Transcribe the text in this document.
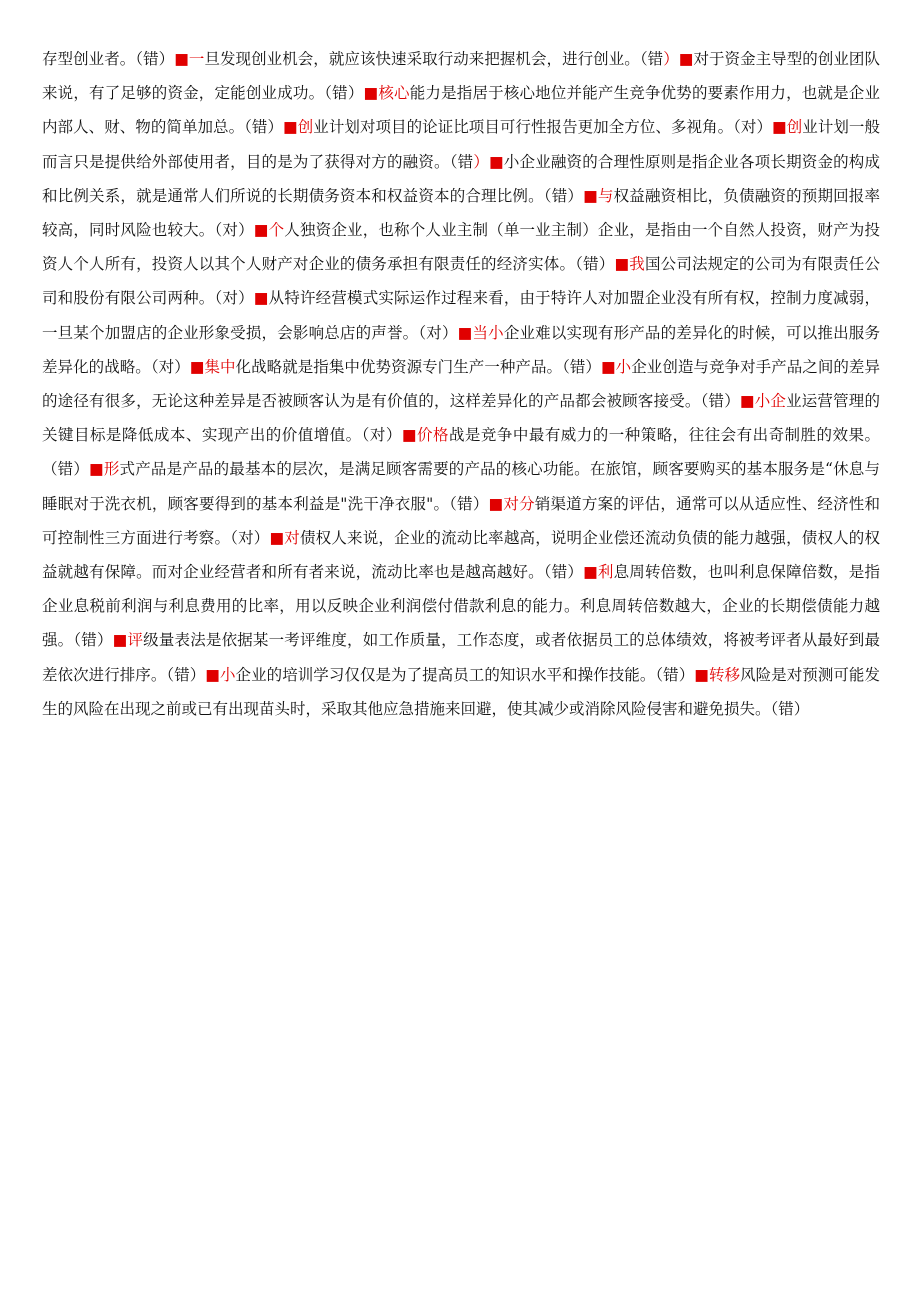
存型创业者。（错）■一旦发现创业机会，就应该快速采取行动来把握机会，进行创业。（错）■对于资金主导型的创业团队来说，有了足够的资金，定能创业成功。（错）■核心能力是指居于核心地位并能产生竞争优势的要素作用力，也就是企业内部人、财、物的简单加总。（错）■创业计划对项目的论证比项目可行性报告更加全方位、多视角。（对）■创业计划一般而言只是提供给外部使用者，目的是为了获得对方的融资。（错）■小企业融资的合理性原则是指企业各项长期资金的构成和比例关系，就是通常人们所说的长期债务资本和权益资本的合理比例。（错）■与权益融资相比，负债融资的预期回报率较高，同时风险也较大。（对）■个人独资企业，也称个人业主制（单一业主制）企业，是指由一个自然人投资，财产为投资人个人所有，投资人以其个人财产对企业的债务承担有限责任的经济实体。（错）■我国公司法规定的公司为有限责任公司和股份有限公司两种。（对）■从特许经营模式实际运作过程来看，由于特许人对加盟企业没有所有权，控制力度减弱，一旦某个加盟店的企业形象受损，会影响总店的声誉。（对）■当小企业难以实现有形产品的差异化的时候，可以推出服务差异化的战略。（对）■集中化战略就是指集中优势资源专门生产一种产品。（错）■小企业创造与竞争对手产品之间的差异的途径有很多，无论这种差异是否被顾客认为是有价值的，这样差异化的产品都会被顾客接受。（错）■小企业运营管理的关键目标是降低成本、实现产出的价值增值。（对）■价格战是竞争中最有威力的一种策略，往往会有出奇制胜的效果。（错）■形式产品是产品的最基本的层次，是满足顾客需要的产品的核心功能。在旅馆，顾客要购买的基本服务是“休息与睡眠对于洗衣机，顾客要得到的基本利益是"洗干净衣服"。（错）■对分销渠道方案的评估，通常可以从适应性、经济性和可控制性三方面进行考察。（对）■对债权人来说，企业的流动比率越高，说明企业偿还流动负债的能力越强，债权人的权益就越有保障。而对企业经营者和所有者来说，流动比率也是越高越好。（错）■利息周转倍数，也叫利息保障倍数，是指企业息税前利润与利息费用的比率，用以反映企业利润偿付借款利息的能力。利息周转倍数越大，企业的长期偿债能力越强。（错）■评级量表法是依据某一考评维度，如工作质量，工作态度，或者依据员工的总体绩效，将被考评者从最好到最差依次进行排序。（错）■小企业的培训学习仅仅是为了提高员工的知识水平和操作技能。（错）■转移风险是对预测可能发生的风险在出现之前或已有出现苗头时，采取其他应急措施来回避，使其减少或消除风险侵害和避免损失。（错）
